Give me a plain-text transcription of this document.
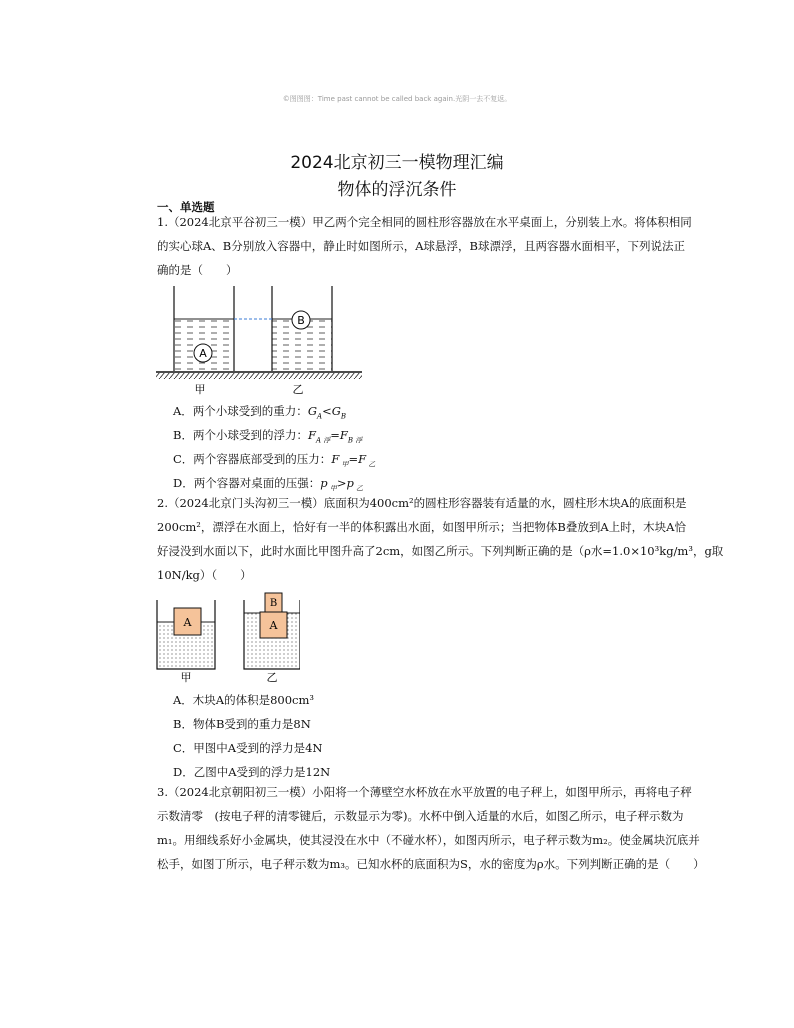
©图图图：Time past cannot be called back again.光阴一去不复返。
2024北京初三一模物理汇编
物体的浮沉条件
一、单选题
1.（2024北京平谷初三一模）甲乙两个完全相同的圆柱形容器放在水平桌面上，分别装上水。将体积相同
的实心球A、B分别放入容器中，静止时如图所示，A球悬浮，B球漂浮，且两容器水面相平，下列说法正
确的是（　　）
A
B
甲	乙
A．两个小球受到的重力：$G_A<G_B$
B．两个小球受到的浮力：$F_{A 浮}=F_{B 浮}$
C．两个容器底部受到的压力：F $_甲$=F $_乙$
D．两个容器对桌面的压强：p $_甲$>p $_乙$
2.（2024北京门头沟初三一模）底面积为400cm²的圆柱形容器装有适量的水，圆柱形木块A的底面积是
200cm²，漂浮在水面上，恰好有一半的体积露出水面，如图甲所示；当把物体B叠放到A上时，木块A恰
好浸没到水面以下，此时水面比甲图升高了2cm，如图乙所示。下列判断正确的是（ρ水=1.0×10³kg/m³，g取
10N/kg）（　　）
A	A
B
甲	乙
A．木块A的体积是800cm³
B．物体B受到的重力是8N
C．甲图中A受到的浮力是4N
D．乙图中A受到的浮力是12N
3.（2024北京朝阳初三一模）小阳将一个薄壁空水杯放在水平放置的电子秤上，如图甲所示，再将电子秤
示数清零　(按电子秤的清零键后，示数显示为零)。水杯中倒入适量的水后，如图乙所示，电子秤示数为
m₁。用细线系好小金属块，使其浸没在水中（不碰水杯），如图丙所示，电子秤示数为m₂。使金属块沉底并
松手，如图丁所示，电子秤示数为m₃。已知水杯的底面积为S，水的密度为ρ水。下列判断正确的是（　　）
